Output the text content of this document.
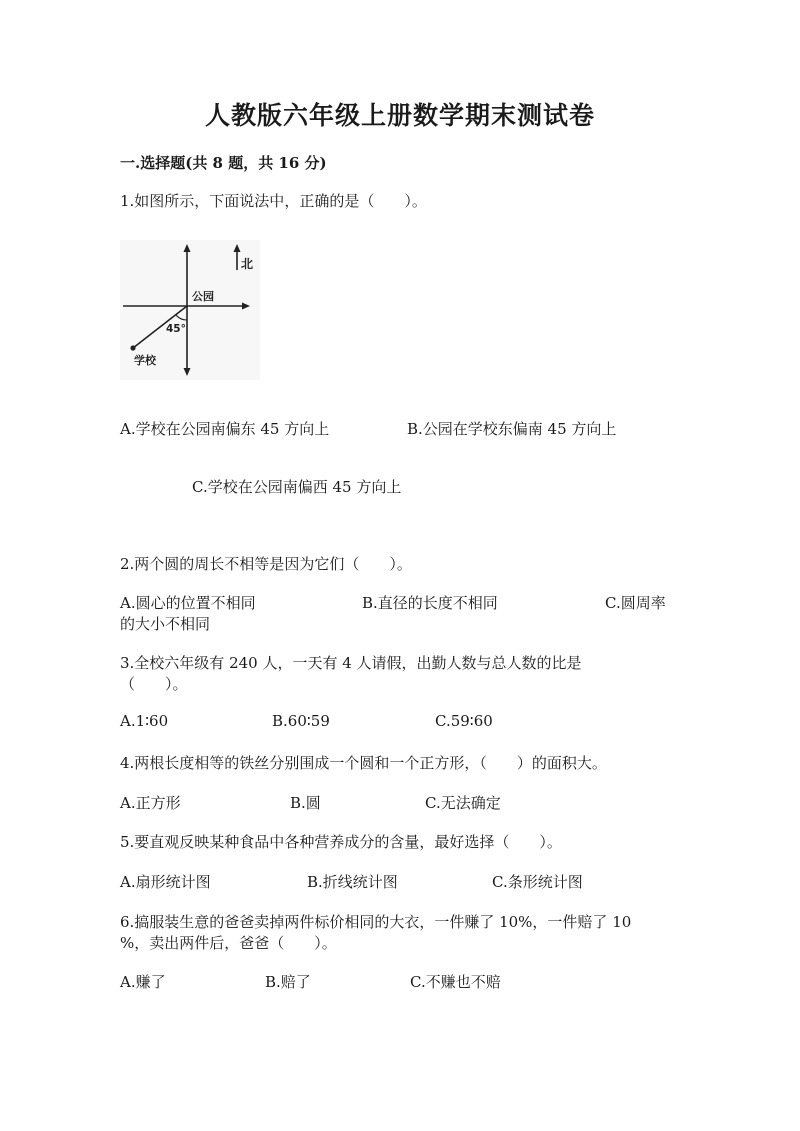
人教版六年级上册数学期末测试卷
一.选择题(共 8 题，共 16 分)
1.如图所示，下面说法中，正确的是（　　）。
北
公园
45°
学校
A.学校在公园南偏东 45 方向上	B.公园在学校东偏南 45 方向上
C.学校在公园南偏西 45 方向上
2.两个圆的周长不相等是因为它们（　　）。
A.圆心的位置不相同	B.直径的长度不相同	C.圆周率
的大小不相同
3.全校六年级有 240 人，一天有 4 人请假，出勤人数与总人数的比是
（　　）。
A.1∶60	B.60∶59	C.59∶60
4.两根长度相等的铁丝分别围成一个圆和一个正方形，（　　）的面积大。
A.正方形	B.圆	C.无法确定
5.要直观反映某种食品中各种营养成分的含量，最好选择（　　）。
A.扇形统计图	B.折线统计图	C.条形统计图
6.搞服装生意的爸爸卖掉两件标价相同的大衣，一件赚了 10%，一件赔了 10
%，卖出两件后，爸爸（　　）。
A.赚了	B.赔了	C.不赚也不赔
